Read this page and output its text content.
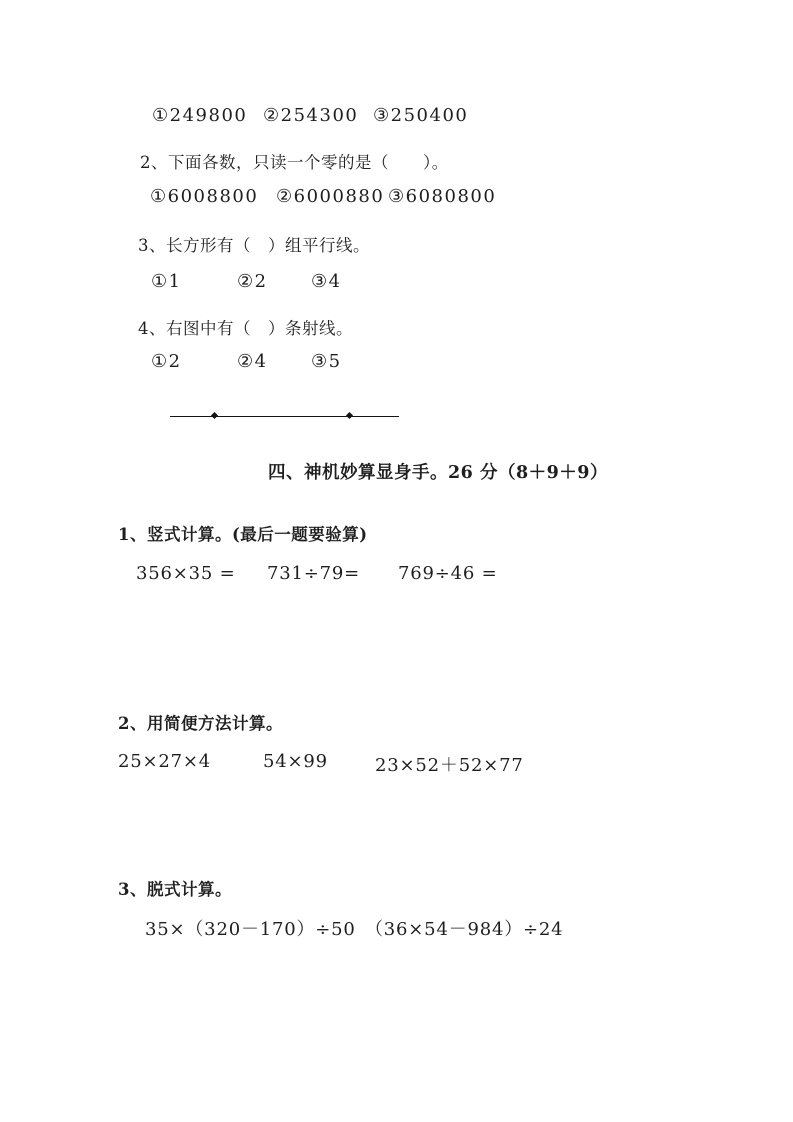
①249800 ②254300 ③250400
2、下面各数，只读一个零的是（　　）。
①6008800 ②6000880 ③6080800
3、长方形有（　）组平行线。
①1	②2 ③4
4、右图中有（　）条射线。
①2	②4 ③5
四、神机妙算显身手。26 分（8＋9＋9）
1、竖式计算。(最后一题要验算)
356×35 = 731÷79= 769÷46 =
2、用简便方法计算。
25×27×4	54×99	23×52＋52×77
3、脱式计算。
35×（320－170）÷50 （36×54－984）÷24
